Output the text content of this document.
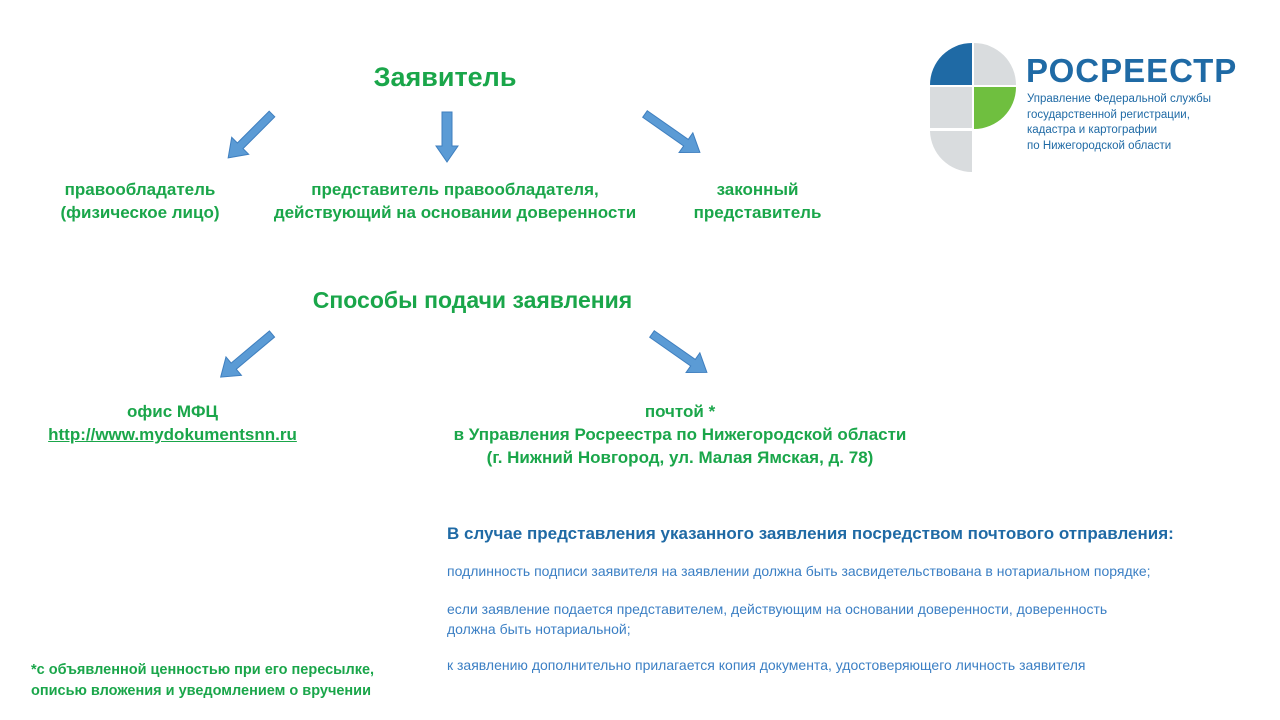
РОСРЕЕСТР
Управление Федеральной службы
государственной регистрации,
кадастра и картографии
по Нижегородской области
Заявитель
правообладатель
(физическое лицо)
представитель правообладателя,
действующий на основании доверенности
законный
представитель
Способы подачи заявления
офис МФЦ
http://www.mydokumentsnn.ru
почтой *
в Управления Росреестра по Нижегородской области
(г. Нижний Новгород, ул. Малая Ямская, д. 78)
В случае представления указанного заявления посредством почтового отправления:
подлинность подписи заявителя на заявлении должна быть засвидетельствована в нотариальном порядке;
если заявление подается представителем, действующим на основании доверенности, доверенность
должна быть нотариальной;
к заявлению дополнительно прилагается копия документа, удостоверяющего личность заявителя
*с объявленной ценностью при его пересылке,
описью вложения и уведомлением о вручении
